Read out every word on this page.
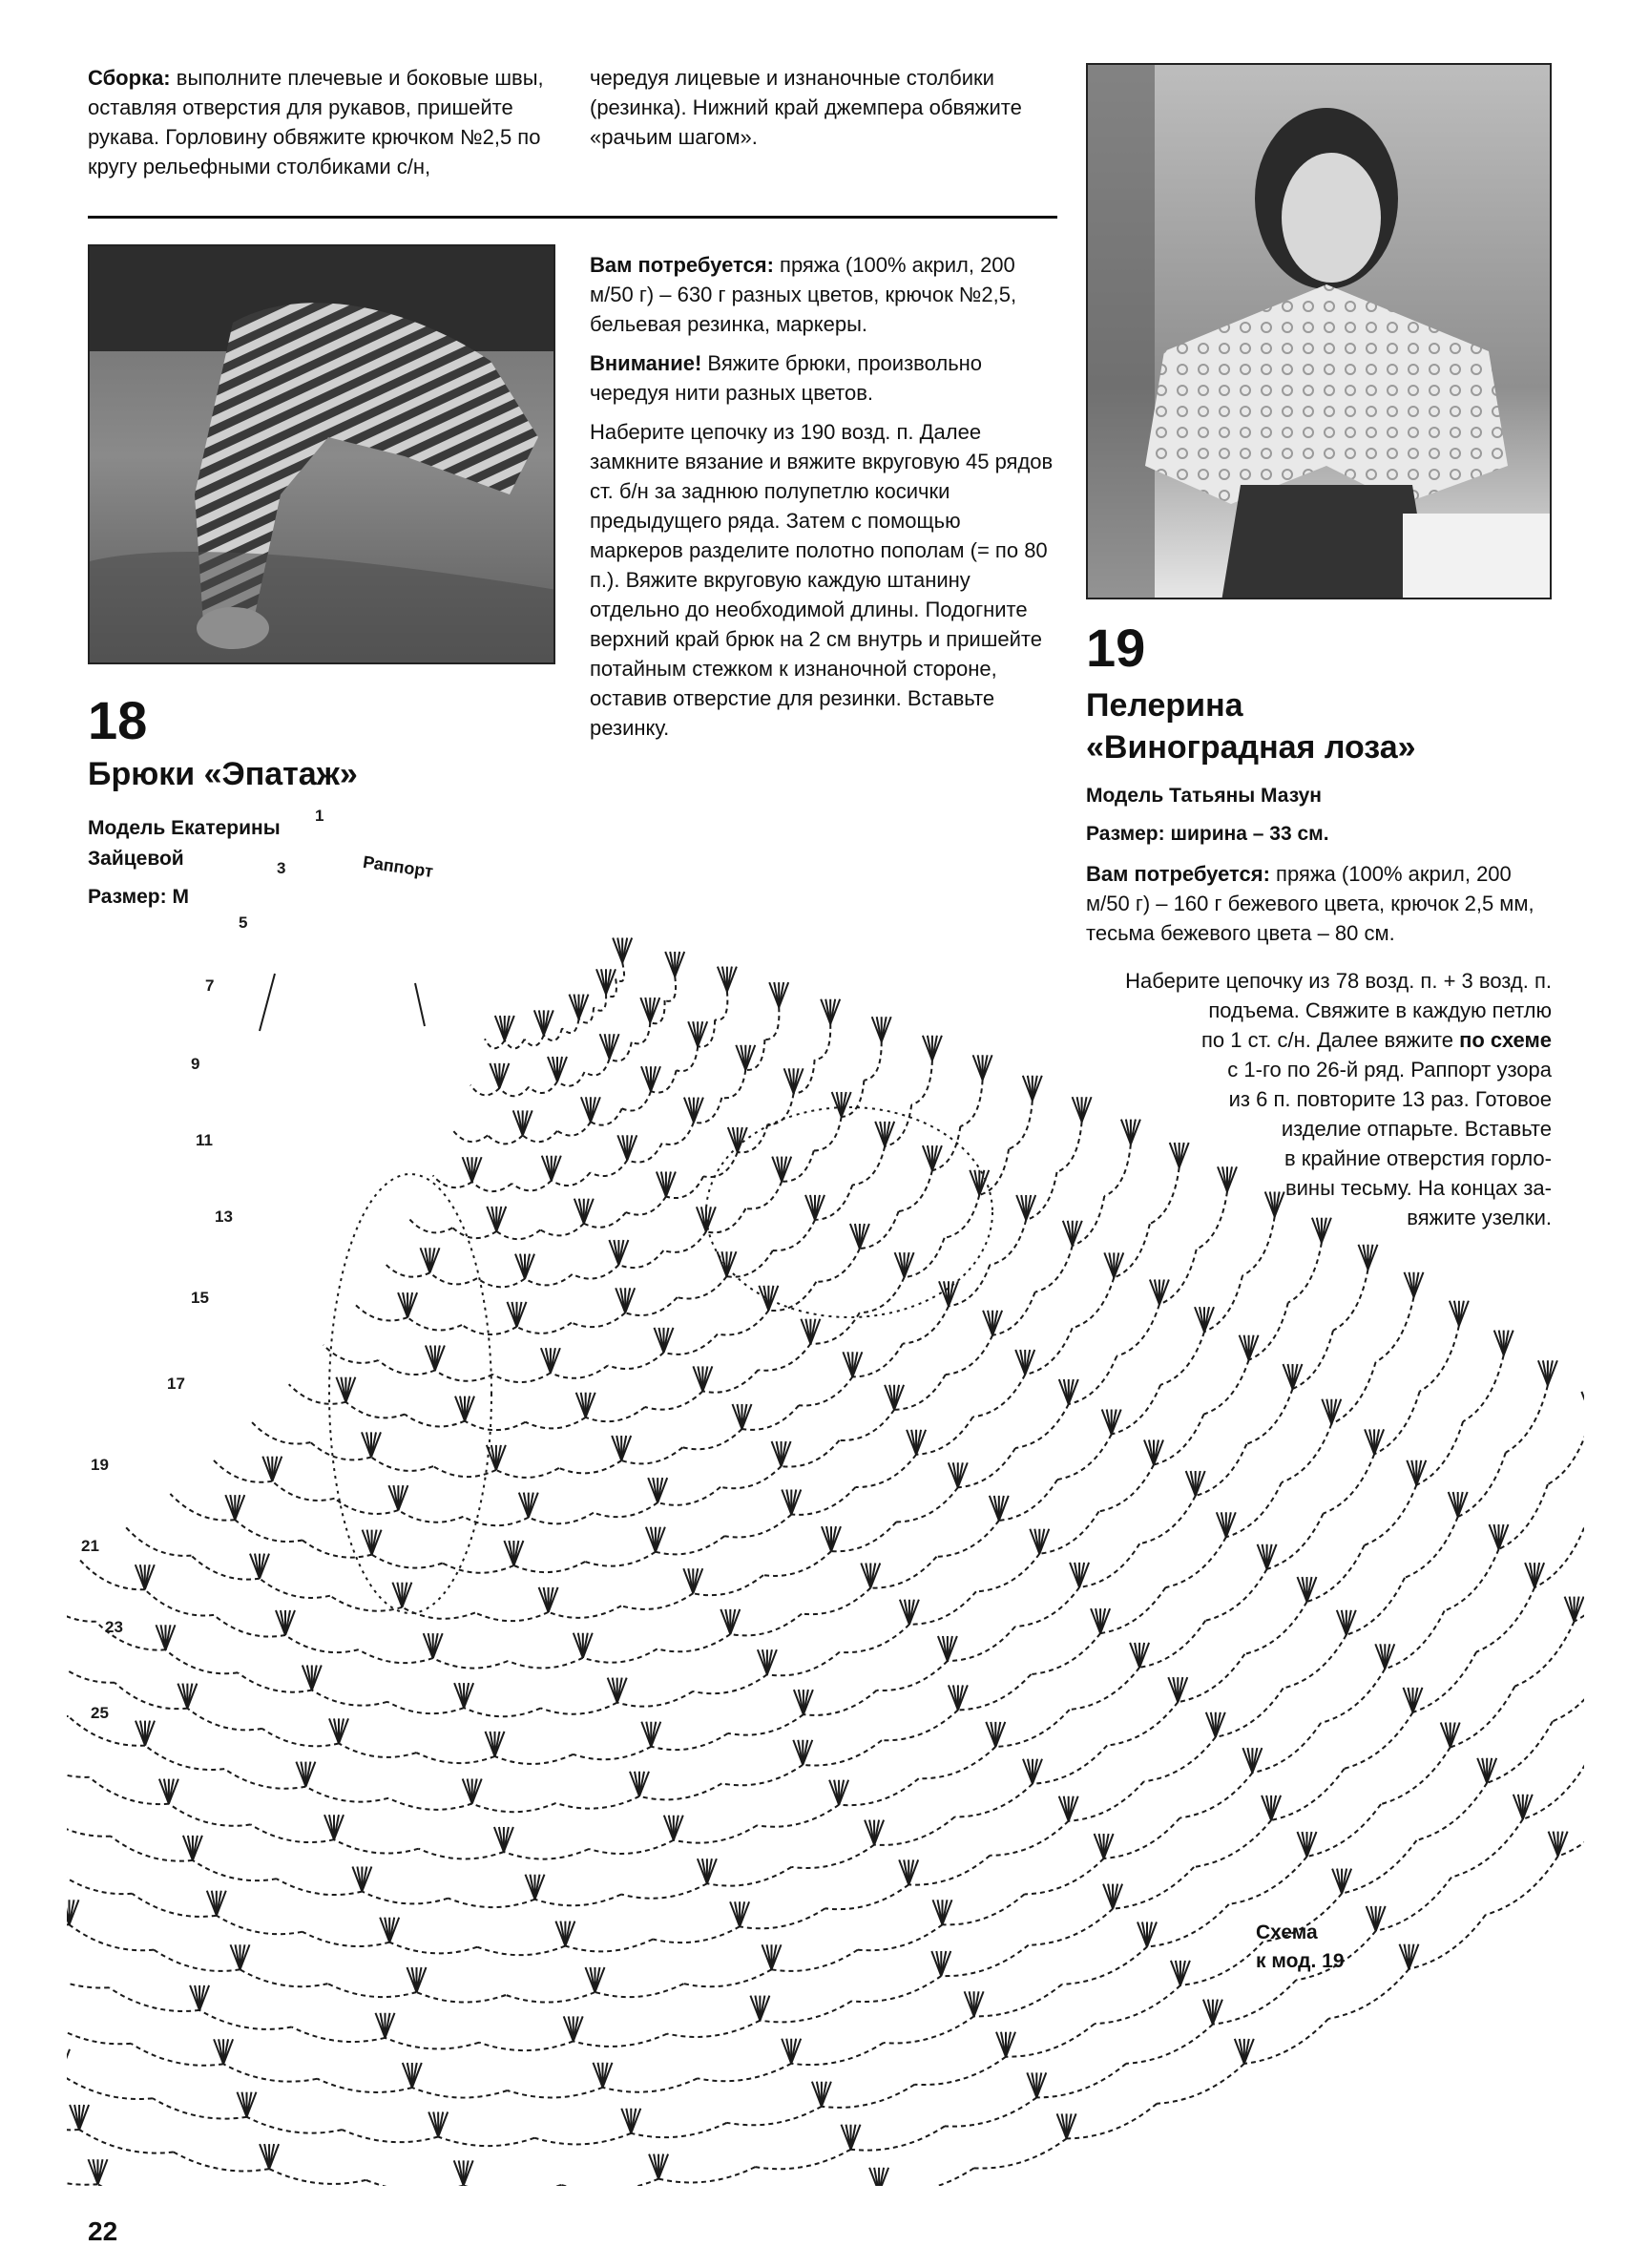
Сборка: выполните плечевые и боковые швы, оставляя отверстия для рукавов, пришейте рукава. Горловину обвяжите крючком №2,5 по кругу рельефными столбиками с/н,
чередуя лицевые и изнаночные столбики (резинка). Нижний край джемпера обвяжите «рачьим шагом».

Вам потребуется: пряжа (100% акрил, 200 м/50 г) – 630 г разных цветов, крючок №2,5, бельевая резинка, маркеры.

Внимание! Вяжите брюки, произвольно чередуя нити разных цветов.

Наберите цепочку из 190 возд. п. Далее замкните вязание и вяжите вкруговую 45 рядов ст. б/н за заднюю полупетлю косички предыдущего ряда. Затем с помощью маркеров разделите полотно пополам (= по 80 п.). Вяжите вкруговую каждую штанину отдельно до необходимой длины. Подогните верхний край брюк на 2 см внутрь и пришейте потайным стежком к изнаночной стороне, оставив отверстие для резинки. Вставьте резинку.

18
Брюки «Эпатаж»
Модель Екатерины
Зайцевой
Размер: М
19
Пелерина
«Виноградная лоза»
Модель Татьяны Мазун
Размер: ширина – 33 см.
Вам потребуется: пряжа (100% акрил, 200 м/50 г) – 160 г бежевого цвета, крючок 2,5 мм, тесьма бежевого цвета – 80 см.
Наберите цепочку из 78 возд. п. + 3 возд. п.
подъема. Свяжите в каждую петлю
по 1 ст. с/н. Далее вяжите по схеме
с 1-го по 26-й ряд. Раппорт узора
из 6 п. повторите 13 раз. Готовое
изделие отпарьте. Вставьте
в крайние отверстия горло-
вины тесьму. На концах за-
вяжите узелки.
1
3
5
7
9
11
13
15
17
19
21
23
25
Раппорт
Схема
к мод. 19
22
